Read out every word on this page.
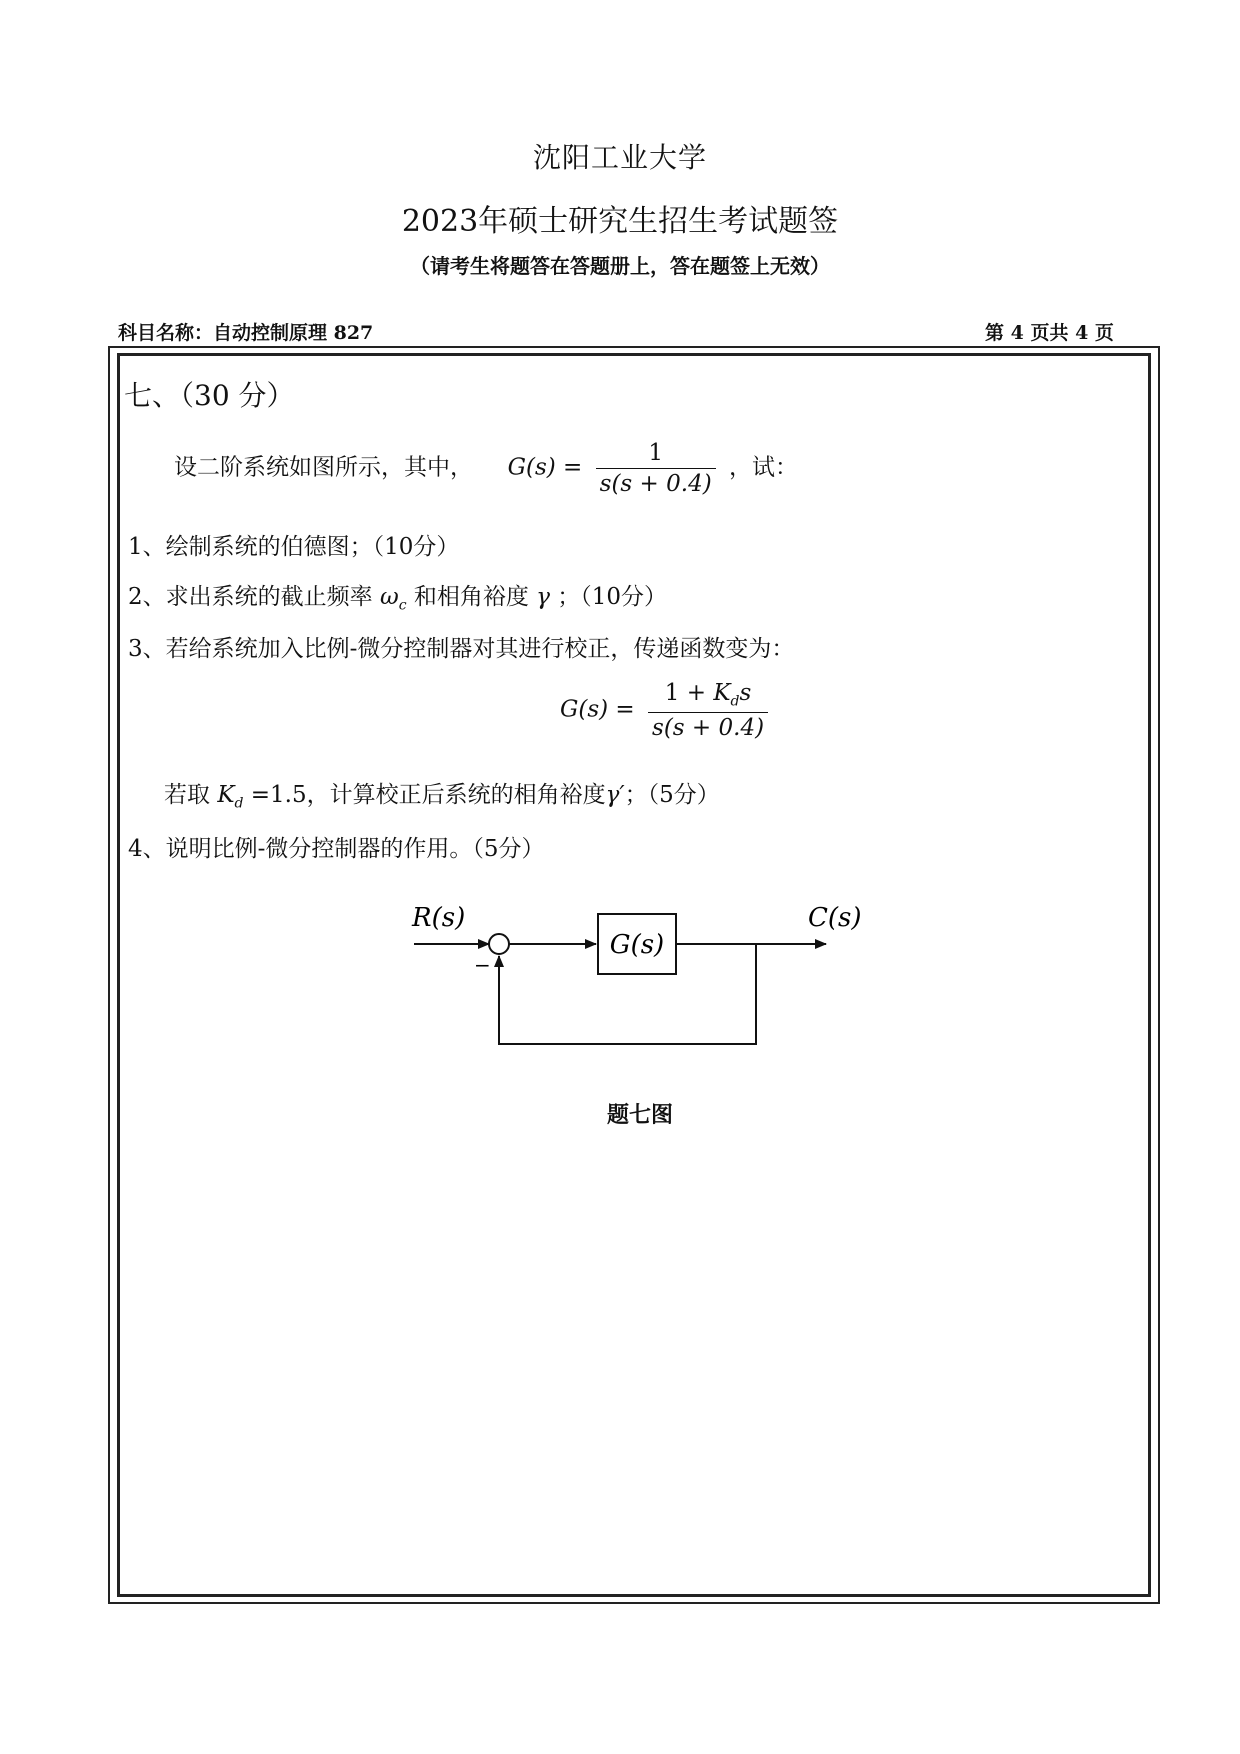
沈阳工业大学
2023年硕士研究生招生考试题签
（请考生将题答在答题册上，答在题签上无效）
科目名称：自动控制原理 827	第 4 页共 4 页
七、（30 分）
设二阶系统如图所示，其中， $G(s) = \frac{1}{s(s + 0.4)}$ ，试：
1、绘制系统的伯德图；（10分）
2、求出系统的截止频率 $\omega_c$ 和相角裕度 γ ；（10分）
3、若给系统加入比例-微分控制器对其进行校正，传递函数变为：
$G(s) = \frac{1 + K_ds}{s(s + 0.4)}$
若取 $K_d =1.5$，计算校正后系统的相角裕度γ′；（5分）
4、说明比例-微分控制器的作用。（5分）
R(s)
−
G(s)
C(s)
题七图
